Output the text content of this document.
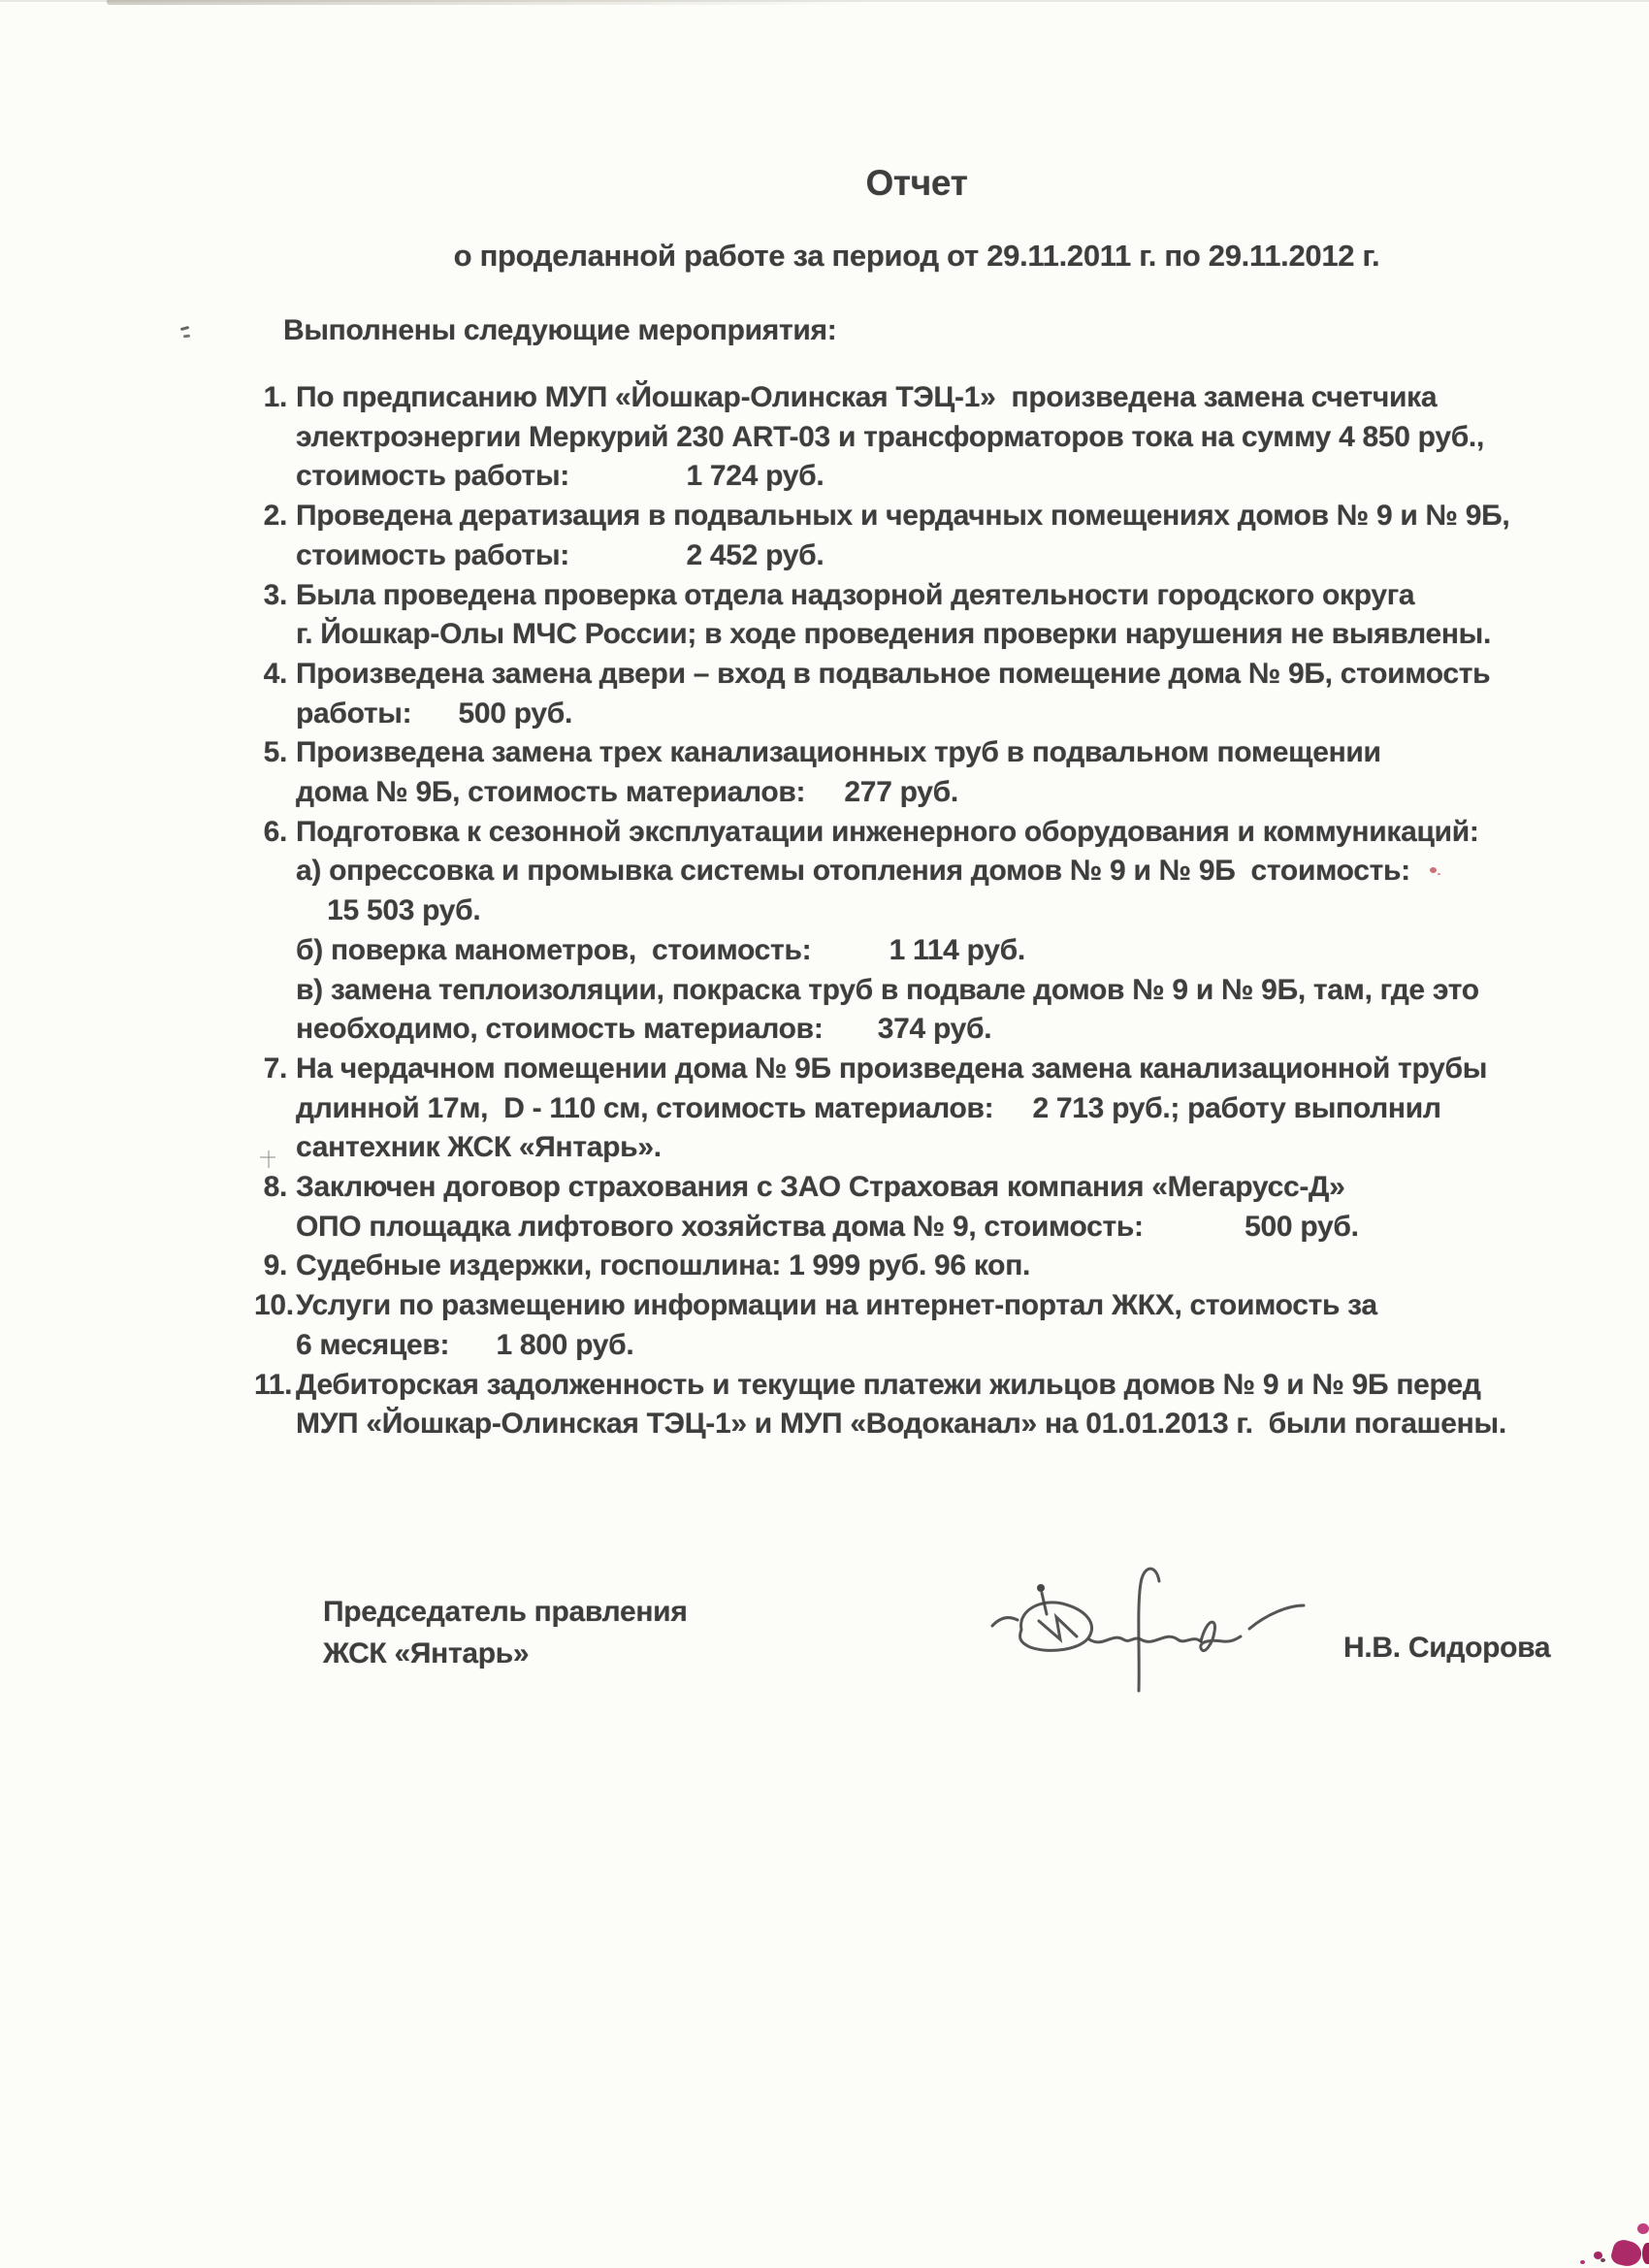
Отчет
о проделанной работе за период от 29.11.2011 г. по 29.11.2012 г.
Выполнены следующие мероприятия:
1. По предписанию МУП «Йошкар-Олинская ТЭЦ-1»  произведена замена счетчика
электроэнергии Меркурий 230 ART-03 и трансформаторов тока на сумму 4 850 руб.,
стоимость работы:               1 724 руб.
2. Проведена дератизация в подвальных и чердачных помещениях домов № 9 и № 9Б,
стоимость работы:               2 452 руб.
3. Была проведена проверка отдела надзорной деятельности городского округа
г. Йошкар-Олы МЧС России; в ходе проведения проверки нарушения не выявлены.
4. Произведена замена двери – вход в подвальное помещение дома № 9Б, стоимость
работы:      500 руб.
5. Произведена замена трех канализационных труб в подвальном помещении
дома № 9Б, стоимость материалов:     277 руб.
6. Подготовка к сезонной эксплуатации инженерного оборудования и коммуникаций:
а) опрессовка и промывка системы отопления домов № 9 и № 9Б  стоимость:
15 503 руб.
б) поверка манометров,  стоимость:          1 114 руб.
в) замена теплоизоляции, покраска труб в подвале домов № 9 и № 9Б, там, где это
необходимо, стоимость материалов:       374 руб.
7. На чердачном помещении дома № 9Б произведена замена канализационной трубы
длинной 17м,  D - 110 см, стоимость материалов:     2 713 руб.; работу выполнил
сантехник ЖСК «Янтарь».
8. Заключен договор страхования с ЗАО Страховая компания «Мегарусс-Д»
ОПО площадка лифтового хозяйства дома № 9, стоимость:             500 руб.
9. Судебные издержки, госпошлина: 1 999 руб. 96 коп.
10. Услуги по размещению информации на интернет-портал ЖКХ, стоимость за
6 месяцев:      1 800 руб.
11. Дебиторская задолженность и текущие платежи жильцов домов № 9 и № 9Б перед
МУП «Йошкар-Олинская ТЭЦ-1» и МУП «Водоканал» на 01.01.2013 г.  были погашены.
Председатель правления
ЖСК «Янтарь»	Н.В. Сидорова
